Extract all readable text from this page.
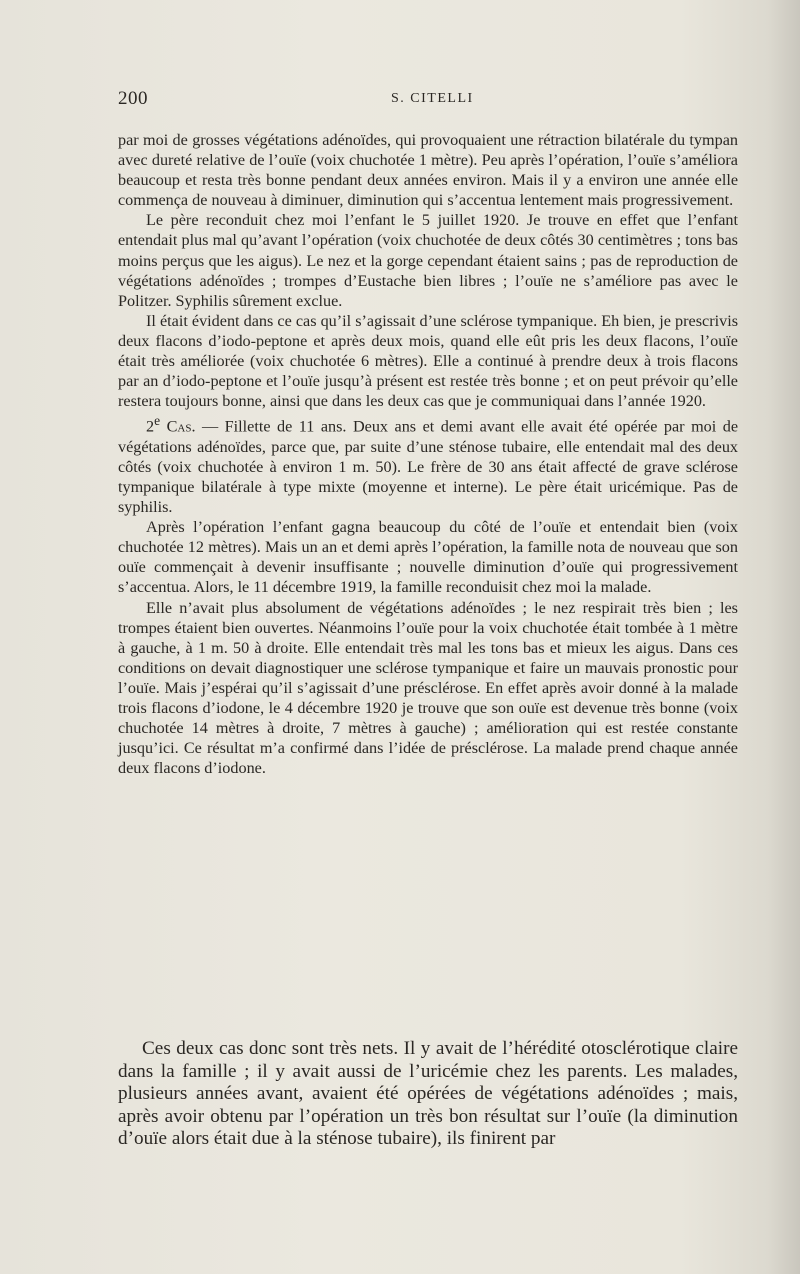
200	S. CITELLI

par moi de grosses végétations adénoïdes, qui provoquaient une rétraction bilatérale du tympan avec dureté relative de l’ouïe (voix chuchotée 1 mètre). Peu après l’opération, l’ouïe s’améliora beaucoup et resta très bonne pendant deux années environ. Mais il y a environ une année elle commença de nouveau à diminuer, diminution qui s’accentua lentement mais progressivement.

Le père reconduit chez moi l’enfant le 5 juillet 1920. Je trouve en effet que l’enfant entendait plus mal qu’avant l’opération (voix chuchotée de deux côtés 30 centimètres ; tons bas moins perçus que les aigus). Le nez et la gorge cependant étaient sains ; pas de reproduction de végétations adénoïdes ; trompes d’Eustache bien libres ; l’ouïe ne s’améliore pas avec le Politzer. Syphilis sûrement exclue.

Il était évident dans ce cas qu’il s’agissait d’une sclérose tympanique. Eh bien, je prescrivis deux flacons d’iodo-peptone et après deux mois, quand elle eût pris les deux flacons, l’ouïe était très améliorée (voix chuchotée 6 mètres). Elle a continué à prendre deux à trois flacons par an d’iodo-peptone et l’ouïe jusqu’à présent est restée très bonne ; et on peut prévoir qu’elle restera toujours bonne, ainsi que dans les deux cas que je communiquai dans l’année 1920.

2e Cas. — Fillette de 11 ans. Deux ans et demi avant elle avait été opérée par moi de végétations adénoïdes, parce que, par suite d’une sténose tubaire, elle entendait mal des deux côtés (voix chuchotée à environ 1 m. 50). Le frère de 30 ans était affecté de grave sclérose tympanique bilatérale à type mixte (moyenne et interne). Le père était uricémique. Pas de syphilis.

Après l’opération l’enfant gagna beaucoup du côté de l’ouïe et entendait bien (voix chuchotée 12 mètres). Mais un an et demi après l’opération, la famille nota de nouveau que son ouïe commençait à devenir insuffisante ; nouvelle diminution d’ouïe qui progressivement s’accentua. Alors, le 11 décembre 1919, la famille reconduisit chez moi la malade.

Elle n’avait plus absolument de végétations adénoïdes ; le nez respirait très bien ; les trompes étaient bien ouvertes. Néanmoins l’ouïe pour la voix chuchotée était tombée à 1 mètre à gauche, à 1 m. 50 à droite. Elle entendait très mal les tons bas et mieux les aigus. Dans ces conditions on devait diagnostiquer une sclérose tympanique et faire un mauvais pronostic pour l’ouïe. Mais j’espérai qu’il s’agissait d’une présclérose. En effet après avoir donné à la malade trois flacons d’iodone, le 4 décembre 1920 je trouve que son ouïe est devenue très bonne (voix chuchotée 14 mètres à droite, 7 mètres à gauche) ; amélioration qui est restée constante jusqu’ici. Ce résultat m’a confirmé dans l’idée de présclérose. La malade prend chaque année deux flacons d’iodone.

Ces deux cas donc sont très nets. Il y avait de l’hérédité otosclérotique claire dans la famille ; il y avait aussi de l’uricémie chez les parents. Les malades, plusieurs années avant, avaient été opérées de végétations adénoïdes ; mais, après avoir obtenu par l’opération un très bon résultat sur l’ouïe (la diminution d’ouïe alors était due à la sténose tubaire), ils finirent par
